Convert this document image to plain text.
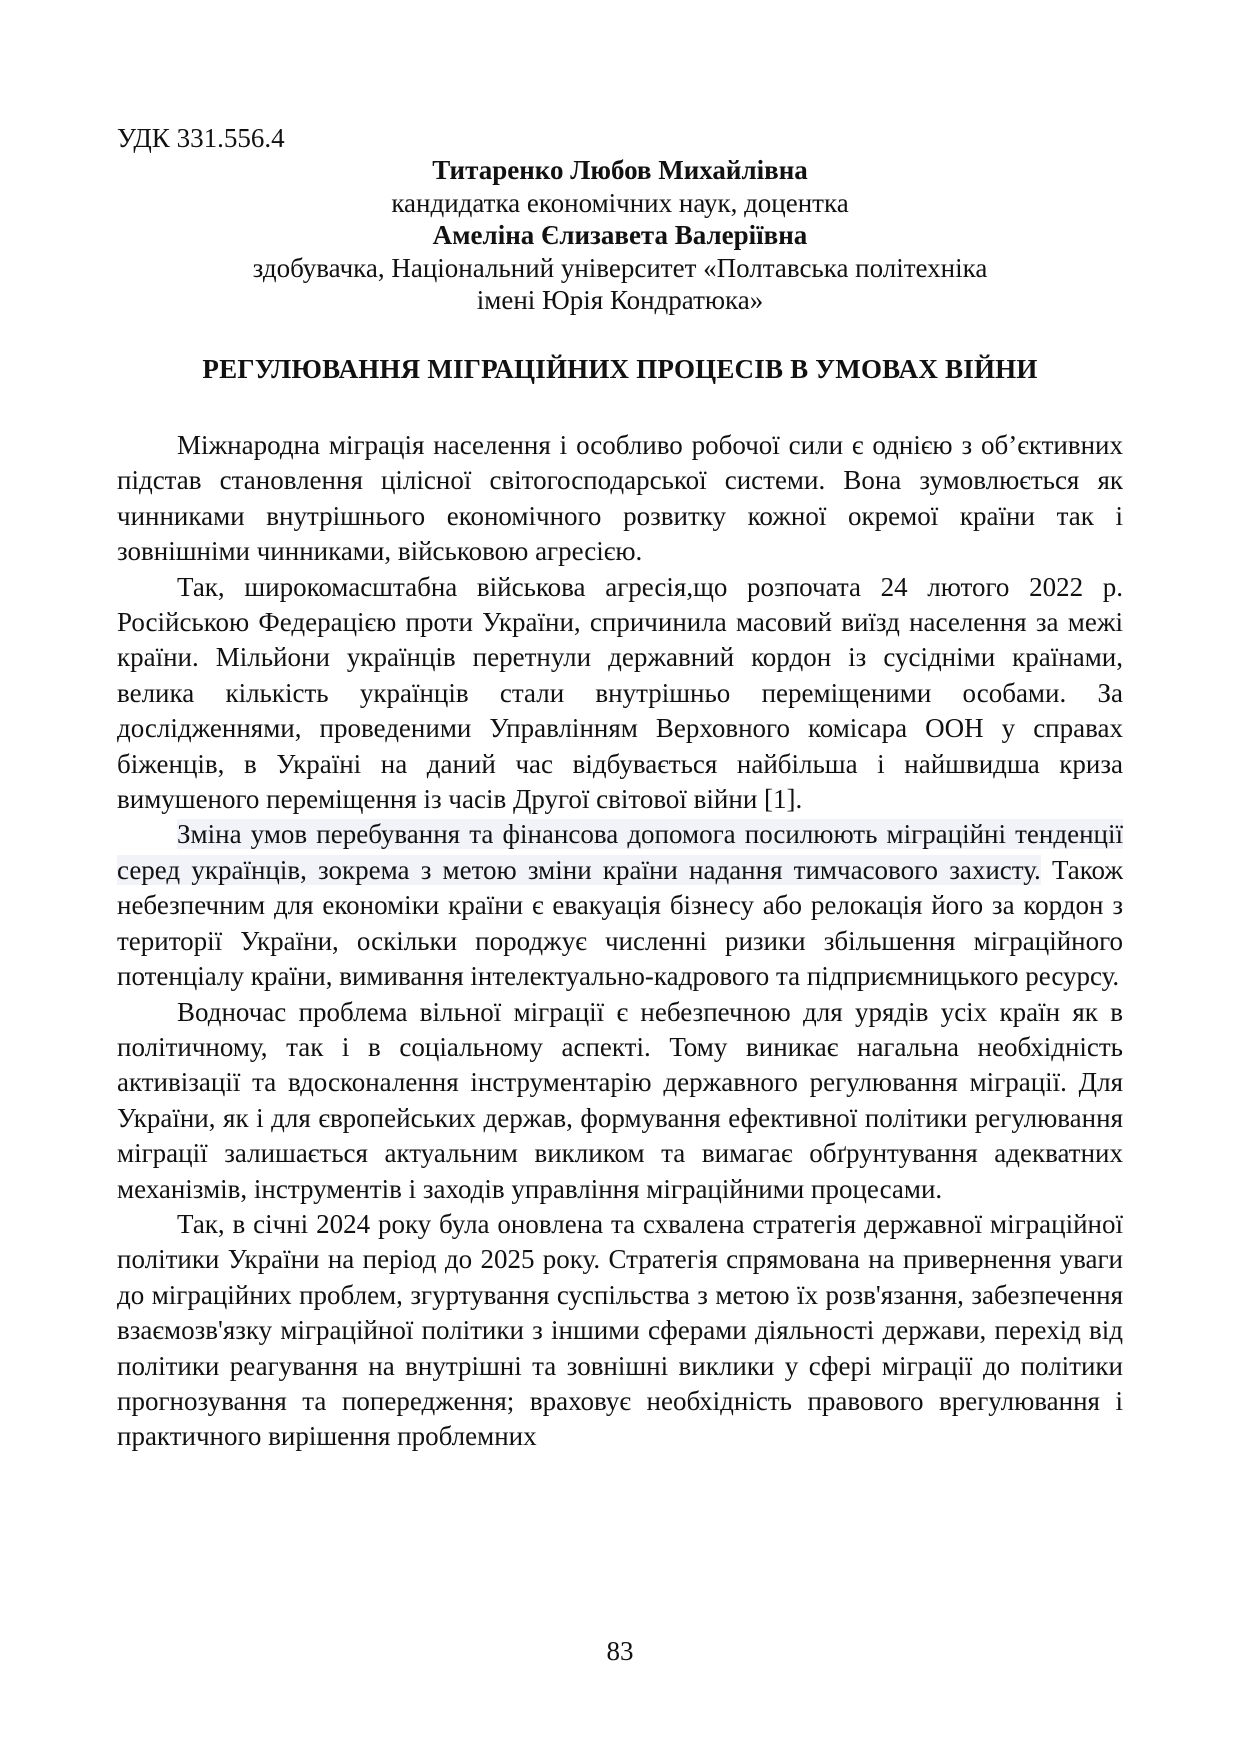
УДК 331.556.4
Титаренко Любов Михайлівна
кандидатка економічних наук, доцентка
Амеліна Єлизавета Валеріївна
здобувачка, Національний університет «Полтавська політехніка
імені Юрія Кондратюка»
РЕГУЛЮВАННЯ МІГРАЦІЙНИХ ПРОЦЕСІВ В УМОВАХ ВІЙНИ

Міжнародна міграція населення і особливо робочої сили є однією з об’єктивних підстав становлення цілісної світогосподарської системи. Вона зумовлюється як чинниками внутрішнього економічного розвитку кожної окремої країни так і зовнішніми чинниками, військовою агресією.

Так, широкомасштабна військова агресія,що розпочата 24 лютого 2022 р. Російською Федерацією проти України, спричинила масовий виїзд населення за межі країни. Мільйони українців перетнули державний кордон із сусідніми країнами, велика кількість українців стали внутрішньо переміщеними особами. За дослідженнями, проведеними Управлінням Верховного комісара ООН у справах біженців, в Україні на даний час відбувається найбільша і найшвидша криза вимушеного переміщення із часів Другої світової війни [1].

Зміна умов перебування та фінансова допомога посилюють міграційні тенденції серед українців, зокрема з метою зміни країни надання тимчасового захисту. Також небезпечним для економіки країни є евакуація бізнесу або релокація його за кордон з території України, оскільки породжує численні ризики збільшення міграційного потенціалу країни, вимивання інтелектуально-кадрового та підприємницького ресурсу.

Водночас проблема вільної міграції є небезпечною для урядів усіх країн як в політичному, так і в соціальному аспекті. Тому виникає нагальна необхідність активізації та вдосконалення інструментарію державного регулювання міграції. Для України, як і для європейських держав, формування ефективної політики регулювання міграції залишається актуальним викликом та вимагає обґрунтування адекватних механізмів, інструментів і заходів управління міграційними процесами.

Так, в січні 2024 року була оновлена та схвалена стратегія державної міграційної політики України на період до 2025 року. Стратегія спрямована на привернення уваги до міграційних проблем, згуртування суспільства з метою їх розв'язання, забезпечення взаємозв'язку міграційної політики з іншими сферами діяльності держави, перехід від політики реагування на внутрішні та зовнішні виклики у сфері міграції до політики прогнозування та попередження; враховує необхідність правового врегулювання і практичного вирішення проблемних

83
